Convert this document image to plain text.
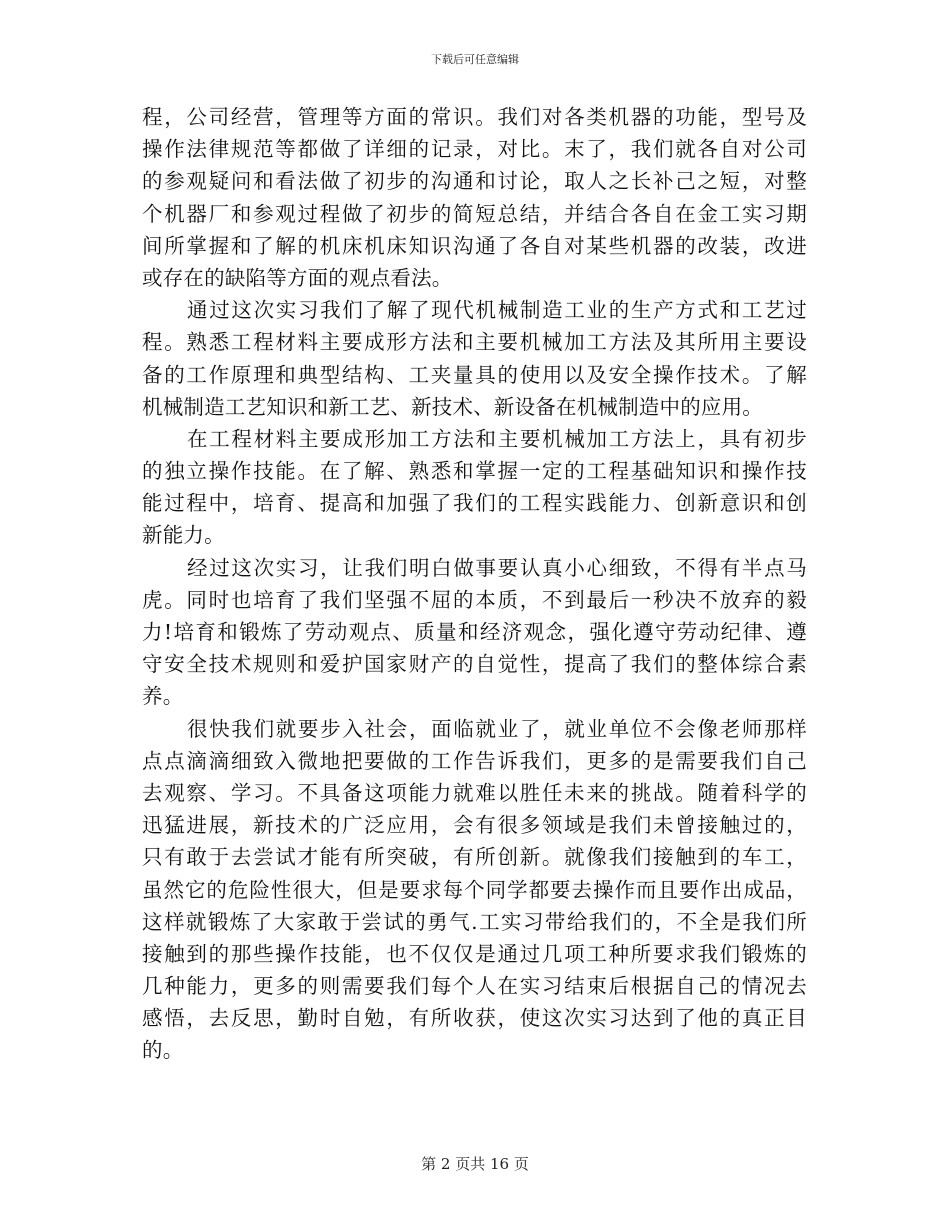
下载后可任意编辑
程，公司经营，管理等方面的常识。我们对各类机器的功能，型号及
操作法律规范等都做了详细的记录，对比。末了，我们就各自对公司
的参观疑问和看法做了初步的沟通和讨论，取人之长补己之短，对整
个机器厂和参观过程做了初步的简短总结，并结合各自在金工实习期
间所掌握和了解的机床机床知识沟通了各自对某些机器的改装，改进
或存在的缺陷等方面的观点看法。
通过这次实习我们了解了现代机械制造工业的生产方式和工艺过
程。熟悉工程材料主要成形方法和主要机械加工方法及其所用主要设
备的工作原理和典型结构、工夹量具的使用以及安全操作技术。了解
机械制造工艺知识和新工艺、新技术、新设备在机械制造中的应用。
在工程材料主要成形加工方法和主要机械加工方法上，具有初步
的独立操作技能。在了解、熟悉和掌握一定的工程基础知识和操作技
能过程中，培育、提高和加强了我们的工程实践能力、创新意识和创
新能力。
经过这次实习，让我们明白做事要认真小心细致，不得有半点马
虎。同时也培育了我们坚强不屈的本质，不到最后一秒决不放弃的毅
力!培育和锻炼了劳动观点、质量和经济观念，强化遵守劳动纪律、遵
守安全技术规则和爱护国家财产的自觉性，提高了我们的整体综合素
养。
很快我们就要步入社会，面临就业了，就业单位不会像老师那样
点点滴滴细致入微地把要做的工作告诉我们，更多的是需要我们自己
去观察、学习。不具备这项能力就难以胜任未来的挑战。随着科学的
迅猛进展，新技术的广泛应用，会有很多领域是我们未曾接触过的，
只有敢于去尝试才能有所突破，有所创新。就像我们接触到的车工，
虽然它的危险性很大，但是要求每个同学都要去操作而且要作出成品，
这样就锻炼了大家敢于尝试的勇气.工实习带给我们的，不全是我们所
接触到的那些操作技能，也不仅仅是通过几项工种所要求我们锻炼的
几种能力，更多的则需要我们每个人在实习结束后根据自己的情况去
感悟，去反思，勤时自勉，有所收获，使这次实习达到了他的真正目
的。
第 2 页共 16 页
